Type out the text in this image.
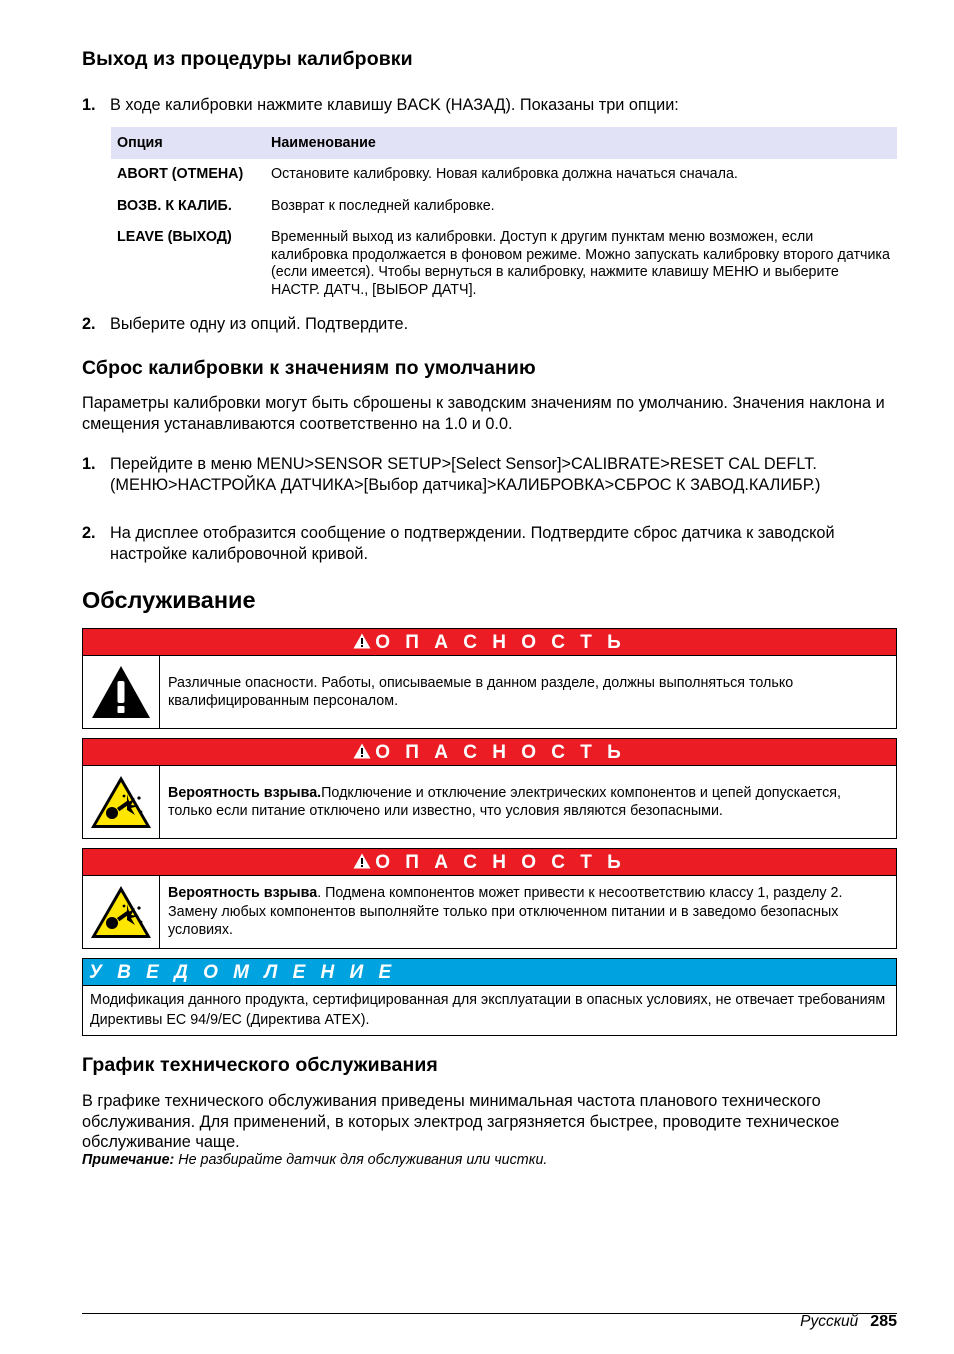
Выход из процедуры калибровки
1. В ходе калибровки нажмите клавишу BACK (НАЗАД). Показаны три опции:
Опция	Наименование
ABORT (ОТМЕНА)	Остановите калибровку. Новая калибровка должна начаться сначала.
ВОЗВ. К КАЛИБ.	Возврат к последней калибровке.
LEAVE (ВЫХОД)	Временный выход из калибровки. Доступ к другим пунктам меню возможен, если калибровка продолжается в фоновом режиме. Можно запускать калибровку второго датчика (если имеется). Чтобы вернуться в калибровку, нажмите клавишу МЕНЮ и выберите НАСТР. ДАТЧ., [ВЫБОР ДАТЧ].
2. Выберите одну из опций. Подтвердите.
Сброс калибровки к значениям по умолчанию
Параметры калибровки могут быть сброшены к заводским значениям по умолчанию. Значения наклона и смещения устанавливаются соответственно на 1.0 и 0.0.
1. Перейдите в меню MENU>SENSOR SETUP>[Select Sensor]>CALIBRATE>RESET CAL DEFLT. (МЕНЮ>НАСТРОЙКА ДАТЧИКА>[Выбор датчика]>КАЛИБРОВКА>СБРОС К ЗАВОД.КАЛИБР.)
2. На дисплее отобразится сообщение о подтверждении. Подтвердите сброс датчика к заводской настройке калибровочной кривой.
Обслуживание
О П А С Н О С Т Ь
Различные опасности. Работы, описываемые в данном разделе, должны выполняться только квалифицированным персоналом.
О П А С Н О С Т Ь
Вероятность взрыва.Подключение и отключение электрических компонентов и цепей допускается, только если питание отключено или известно, что условия являются безопасными.
О П А С Н О С Т Ь
Вероятность взрыва. Подмена компонентов может привести к несоответствию классу 1, разделу 2. Замену любых компонентов выполняйте только при отключенном питании и в заведомо безопасных условиях.
У В Е Д О М Л Е Н И Е
Модификация данного продукта, сертифицированная для эксплуатации в опасных условиях, не отвечает требованиям Директивы EC 94/9/EC (Директива ATEX).
График технического обслуживания
В графике технического обслуживания приведены минимальная частота планового технического обслуживания. Для применений, в которых электрод загрязняется быстрее, проводите техническое обслуживание чаще.
Примечание: Не разбирайте датчик для обслуживания или чистки.
Русский 285
